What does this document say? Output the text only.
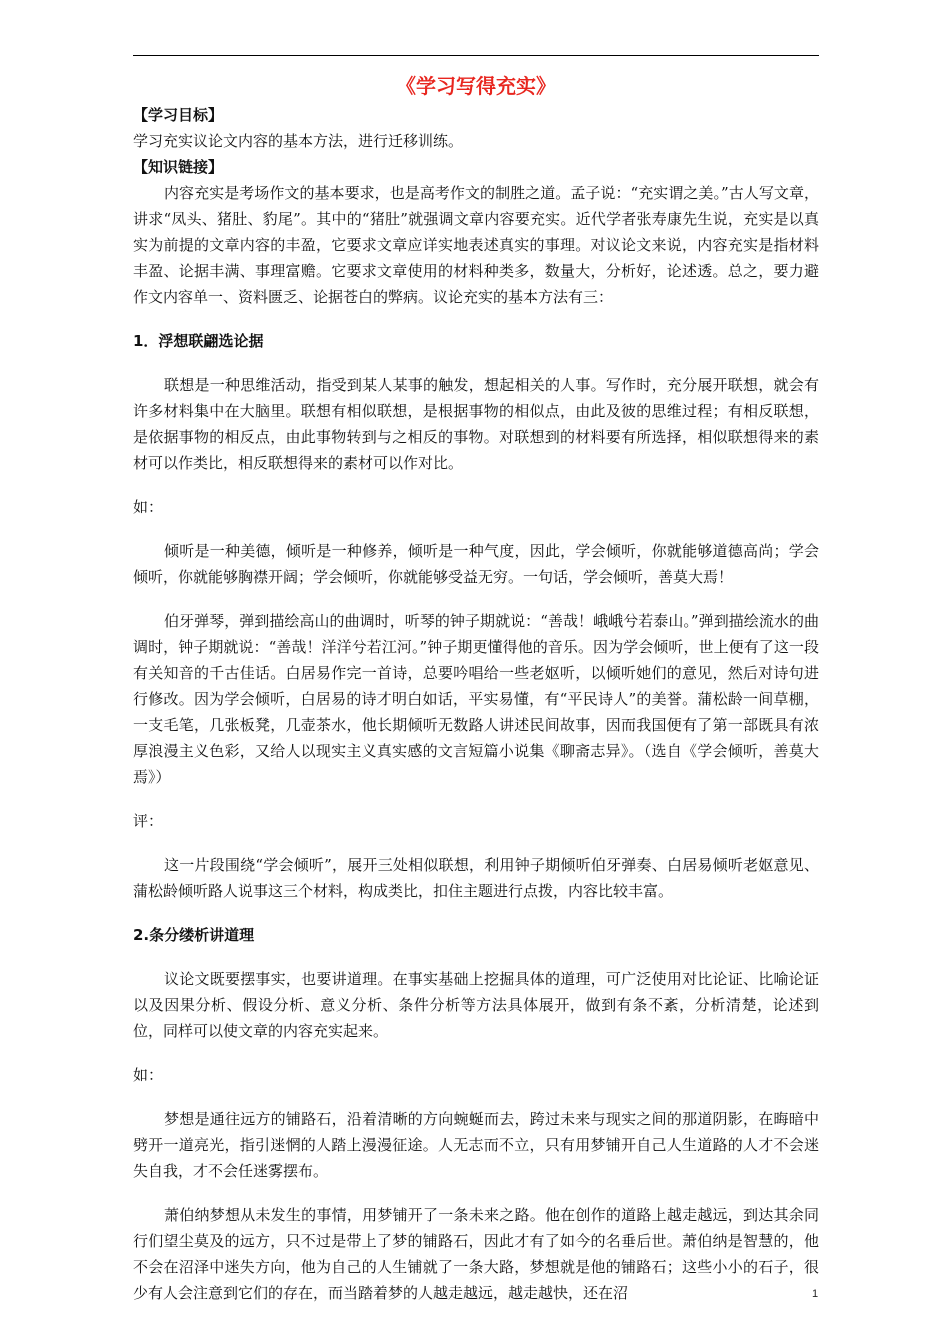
《学习写得充实》

【学习目标】

学习充实议论文内容的基本方法，进行迁移训练。

【知识链接】

内容充实是考场作文的基本要求，也是高考作文的制胜之道。孟子说：“充实谓之美。”古人写文章，讲求“凤头、猪肚、豹尾”。其中的“猪肚”就强调文章内容要充实。近代学者张寿康先生说，充实是以真实为前提的文章内容的丰盈，它要求文章应详实地表述真实的事理。对议论文来说，内容充实是指材料丰盈、论据丰满、事理富赡。它要求文章使用的材料种类多，数量大，分析好，论述透。总之，要力避作文内容单一、资料匮乏、论据苍白的弊病。议论充实的基本方法有三：

1．浮想联翩选论据

联想是一种思维活动，指受到某人某事的触发，想起相关的人事。写作时，充分展开联想，就会有许多材料集中在大脑里。联想有相似联想，是根据事物的相似点，由此及彼的思维过程；有相反联想，是依据事物的相反点，由此事物转到与之相反的事物。对联想到的材料要有所选择，相似联想得来的素材可以作类比，相反联想得来的素材可以作对比。

如：

倾听是一种美德，倾听是一种修养，倾听是一种气度，因此，学会倾听，你就能够道德高尚；学会倾听，你就能够胸襟开阔；学会倾听，你就能够受益无穷。一句话，学会倾听，善莫大焉！

伯牙弹琴，弹到描绘高山的曲调时，听琴的钟子期就说：“善哉！峨峨兮若泰山。”弹到描绘流水的曲调时，钟子期就说：“善哉！洋洋兮若江河。”钟子期更懂得他的音乐。因为学会倾听，世上便有了这一段有关知音的千古佳话。白居易作完一首诗，总要吟唱给一些老妪听，以倾听她们的意见，然后对诗句进行修改。因为学会倾听，白居易的诗才明白如话，平实易懂，有“平民诗人”的美誉。蒲松龄一间草棚，一支毛笔，几张板凳，几壶茶水，他长期倾听无数路人讲述民间故事，因而我国便有了第一部既具有浓厚浪漫主义色彩，又给人以现实主义真实感的文言短篇小说集《聊斋志异》。（选自《学会倾听，善莫大焉》）

评：

这一片段围绕“学会倾听”，展开三处相似联想，利用钟子期倾听伯牙弹奏、白居易倾听老妪意见、蒲松龄倾听路人说事这三个材料，构成类比，扣住主题进行点拨，内容比较丰富。

2.条分缕析讲道理

议论文既要摆事实，也要讲道理。在事实基础上挖掘具体的道理，可广泛使用对比论证、比喻论证以及因果分析、假设分析、意义分析、条件分析等方法具体展开，做到有条不紊，分析清楚，论述到位，同样可以使文章的内容充实起来。

如：

梦想是通往远方的铺路石，沿着清晰的方向蜿蜒而去，跨过未来与现实之间的那道阴影，在晦暗中劈开一道亮光，指引迷惘的人踏上漫漫征途。人无志而不立，只有用梦铺开自己人生道路的人才不会迷失自我，才不会任迷雾摆布。

萧伯纳梦想从未发生的事情，用梦铺开了一条未来之路。他在创作的道路上越走越远，到达其余同行们望尘莫及的远方，只不过是带上了梦的铺路石，因此才有了如今的名垂后世。萧伯纳是智慧的，他不会在沼泽中迷失方向，他为自己的人生铺就了一条大路，梦想就是他的铺路石；这些小小的石子，很少有人会注意到它们的存在，而当踏着梦的人越走越远，越走越快，还在沼	1
